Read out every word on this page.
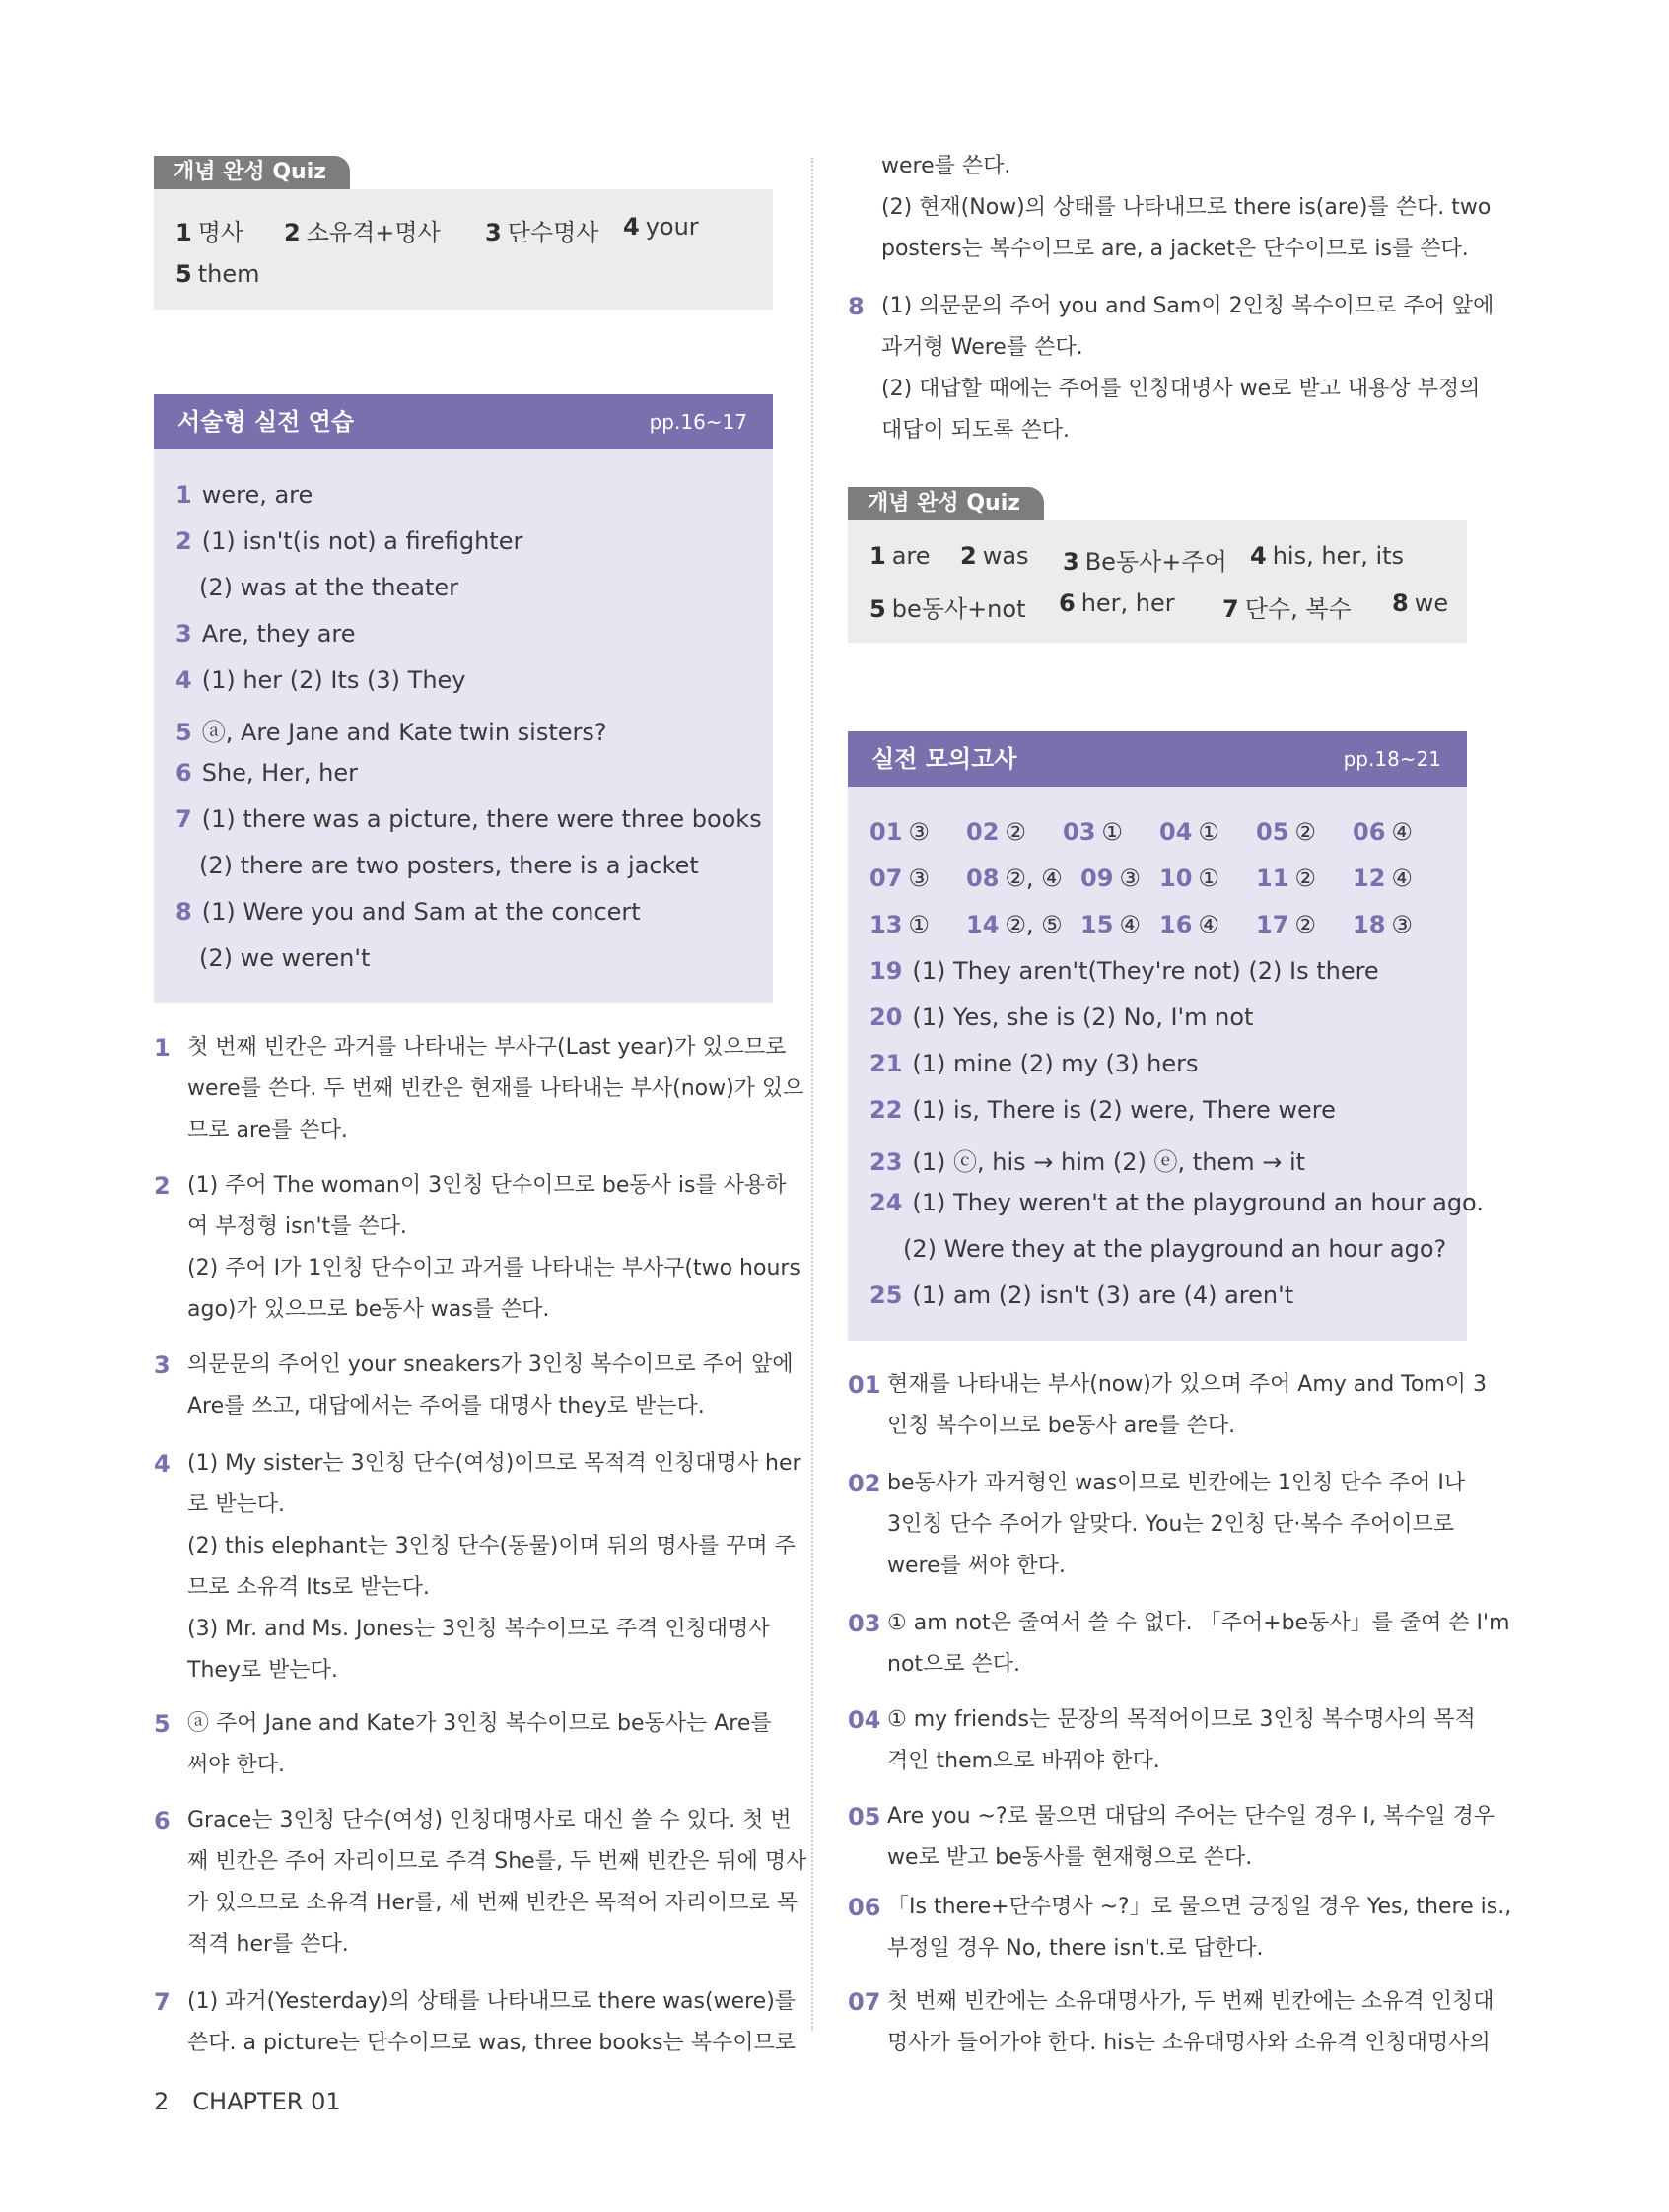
개념 완성 Quiz
1 명사 2 소유격+명사 3 단수명사 4 your
5 them
서술형 실전 연습	pp.16~17
1 were, are
2 (1) isn't(is not) a firefighter
(2) was at the theater
3 Are, they are
4 (1) her (2) Its (3) They
5 ⓐ, Are Jane and Kate twin sisters?
6 She, Her, her
7 (1) there was a picture, there were three books
(2) there are two posters, there is a jacket
8 (1) Were you and Sam at the concert
(2) we weren't
1 첫 번째 빈칸은 과거를 나타내는 부사구(Last year)가 있으므로
were를 쓴다. 두 번째 빈칸은 현재를 나타내는 부사(now)가 있으
므로 are를 쓴다.
2 (1) 주어 The woman이 3인칭 단수이므로 be동사 is를 사용하
여 부정형 isn't를 쓴다.
(2) 주어 I가 1인칭 단수이고 과거를 나타내는 부사구(two hours
ago)가 있으므로 be동사 was를 쓴다.
3 의문문의 주어인 your sneakers가 3인칭 복수이므로 주어 앞에
Are를 쓰고, 대답에서는 주어를 대명사 they로 받는다.
4 (1) My sister는 3인칭 단수(여성)이므로 목적격 인칭대명사 her
로 받는다.
(2) this elephant는 3인칭 단수(동물)이며 뒤의 명사를 꾸며 주
므로 소유격 Its로 받는다.
(3) Mr. and Ms. Jones는 3인칭 복수이므로 주격 인칭대명사
They로 받는다.
5 ⓐ 주어 Jane and Kate가 3인칭 복수이므로 be동사는 Are를
써야 한다.
6 Grace는 3인칭 단수(여성) 인칭대명사로 대신 쓸 수 있다. 첫 번
째 빈칸은 주어 자리이므로 주격 She를, 두 번째 빈칸은 뒤에 명사
가 있으므로 소유격 Her를, 세 번째 빈칸은 목적어 자리이므로 목
적격 her를 쓴다.
7 (1) 과거(Yesterday)의 상태를 나타내므로 there was(were)를
쓴다. a picture는 단수이므로 was, three books는 복수이므로
were를 쓴다.
(2) 현재(Now)의 상태를 나타내므로 there is(are)를 쓴다. two
posters는 복수이므로 are, a jacket은 단수이므로 is를 쓴다.
8 (1) 의문문의 주어 you and Sam이 2인칭 복수이므로 주어 앞에
과거형 Were를 쓴다.
(2) 대답할 때에는 주어를 인칭대명사 we로 받고 내용상 부정의
대답이 되도록 쓴다.
개념 완성 Quiz
1 are 2 was 3 Be동사+주어 4 his, her, its
5 be동사+not 6 her, her 7 단수, 복수 8 we
실전 모의고사	pp.18~21
01 ③ 02 ② 03 ① 04 ① 05 ② 06 ④
07 ③ 08 ②, ④ 09 ③ 10 ① 11 ② 12 ④
13 ① 14 ②, ⑤ 15 ④ 16 ④ 17 ② 18 ③
19 (1) They aren't(They're not) (2) Is there
20 (1) Yes, she is (2) No, I'm not
21 (1) mine (2) my (3) hers
22 (1) is, There is (2) were, There were
23 (1) ⓒ, his → him (2) ⓔ, them → it
24 (1) They weren't at the playground an hour ago.
(2) Were they at the playground an hour ago?
25 (1) am (2) isn't (3) are (4) aren't
01 현재를 나타내는 부사(now)가 있으며 주어 Amy and Tom이 3
인칭 복수이므로 be동사 are를 쓴다.
02 be동사가 과거형인 was이므로 빈칸에는 1인칭 단수 주어 I나
3인칭 단수 주어가 알맞다. You는 2인칭 단·복수 주어이므로
were를 써야 한다.
03 ① am not은 줄여서 쓸 수 없다. 「주어+be동사」를 줄여 쓴 I'm
not으로 쓴다.
04 ① my friends는 문장의 목적어이므로 3인칭 복수명사의 목적
격인 them으로 바꿔야 한다.
05 Are you ~?로 물으면 대답의 주어는 단수일 경우 I, 복수일 경우
we로 받고 be동사를 현재형으로 쓴다.
06 「Is there+단수명사 ~?」로 물으면 긍정일 경우 Yes, there is.,
부정일 경우 No, there isn't.로 답한다.
07 첫 번째 빈칸에는 소유대명사가, 두 번째 빈칸에는 소유격 인칭대
명사가 들어가야 한다. his는 소유대명사와 소유격 인칭대명사의
2 CHAPTER 01
